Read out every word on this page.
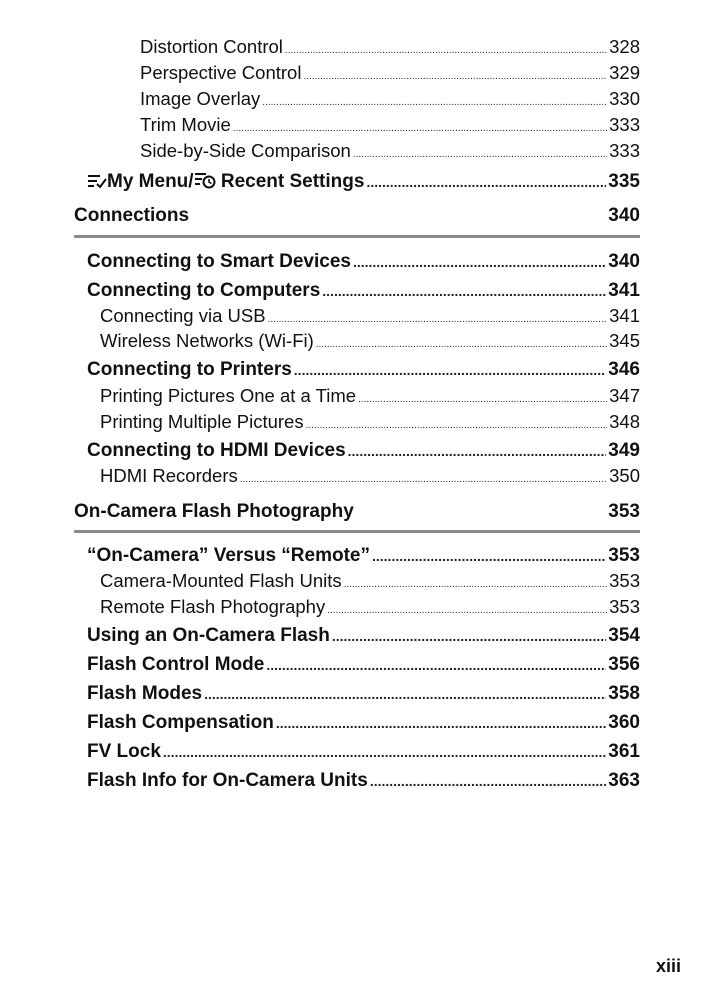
Distortion Control .....	328
Perspective Control .....	329
Image Overlay .....	330
Trim Movie .....	333
Side-by-Side Comparison .....	333
My Menu/ Recent Settings .....	335
Connections	340
Connecting to Smart Devices .....	340
Connecting to Computers .....	341
Connecting via USB .....	341
Wireless Networks (Wi-Fi) .....	345
Connecting to Printers .....	346
Printing Pictures One at a Time .....	347
Printing Multiple Pictures .....	348
Connecting to HDMI Devices .....	349
HDMI Recorders .....	350
On-Camera Flash Photography	353
“On-Camera” Versus “Remote” .....	353
Camera-Mounted Flash Units .....	353
Remote Flash Photography .....	353
Using an On-Camera Flash .....	354
Flash Control Mode .....	356
Flash Modes .....	358
Flash Compensation .....	360
FV Lock .....	361
Flash Info for On-Camera Units .....	363
xiii
